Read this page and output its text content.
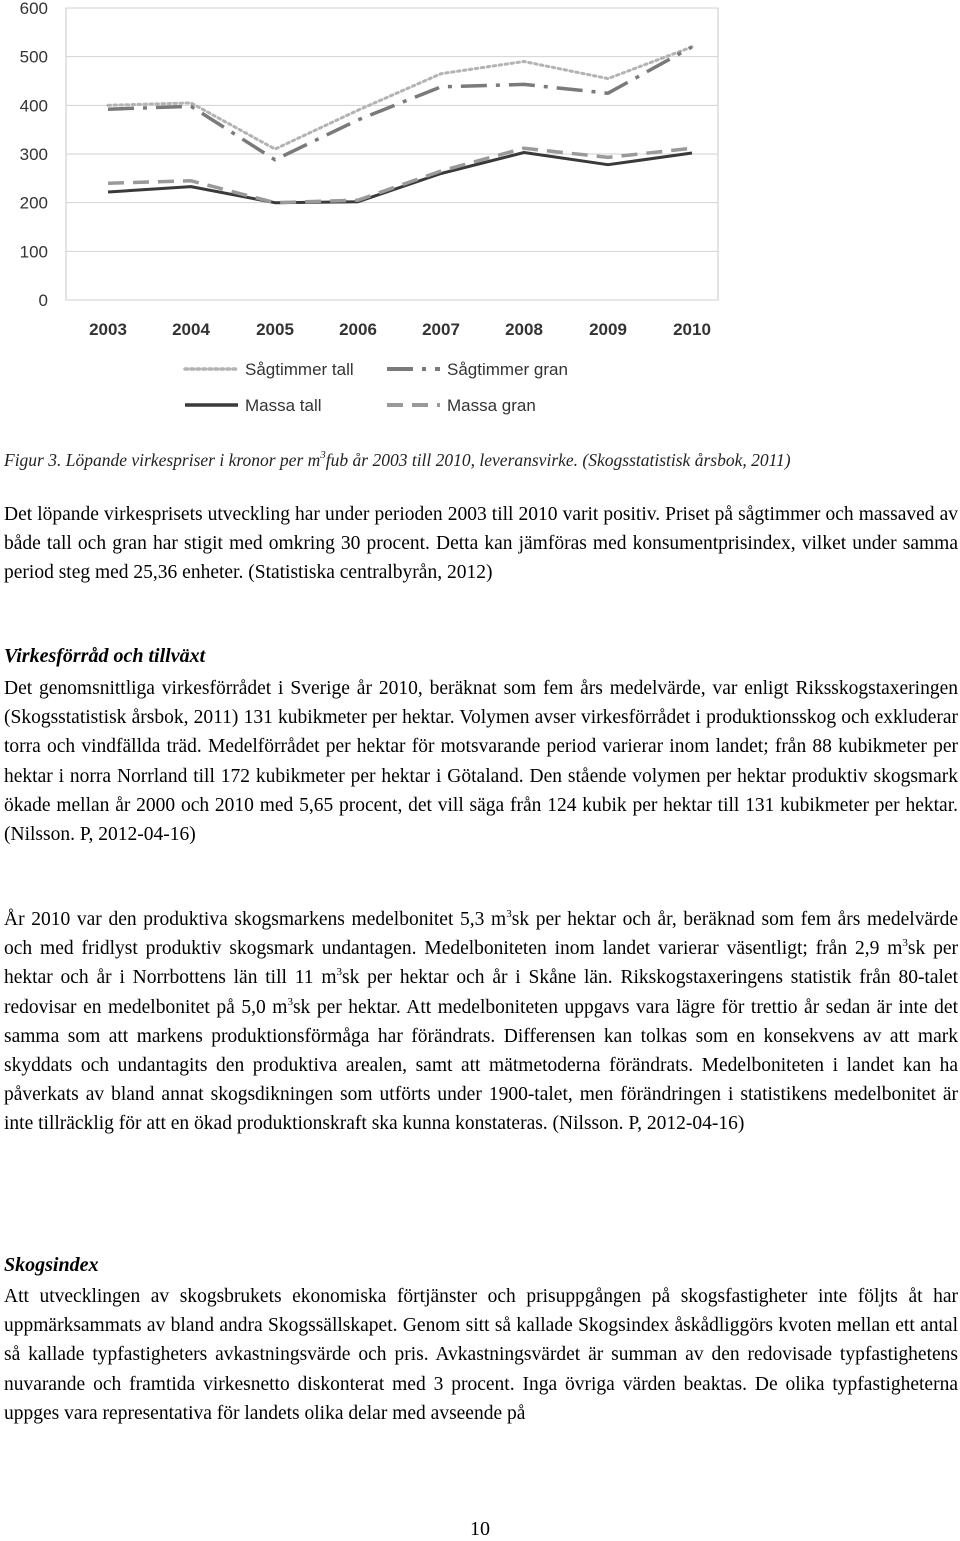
0
100
200
300
400
500
600
2003	2004	2005	2006	2007	2008	2009	2010
Sågtimmer tall	Sågtimmer gran
Massa tall	Massa gran
Figur 3. Löpande virkespriser i kronor per $m^3fub$ år 2003 till 2010, leveransvirke. (Skogsstatistisk årsbok, 2011)

Det löpande virkesprisets utveckling har under perioden 2003 till 2010 varit positiv. Priset på sågtimmer och massaved av både tall och gran har stigit med omkring 30 procent. Detta kan jämföras med konsumentprisindex, vilket under samma period steg med 25,36 enheter. (Statistiska centralbyrån, 2012)

Virkesförråd och tillväxt

Det genomsnittliga virkesförrådet i Sverige år 2010, beräknat som fem års medelvärde, var enligt Riksskogstaxeringen (Skogsstatistisk årsbok, 2011) 131 kubikmeter per hektar. Volymen avser virkesförrådet i produktionsskog och exkluderar torra och vindfällda träd. Medelförrådet per hektar för motsvarande period varierar inom landet; från 88 kubikmeter per hektar i norra Norrland till 172 kubikmeter per hektar i Götaland. Den stående volymen per hektar produktiv skogsmark ökade mellan år 2000 och 2010 med 5,65 procent, det vill säga från 124 kubik per hektar till 131 kubikmeter per hektar. (Nilsson. P, 2012-04-16)

År 2010 var den produktiva skogsmarkens medelbonitet 5,3 $m^3sk$ per hektar och år, beräknad som fem års medelvärde och med fridlyst produktiv skogsmark undantagen. Medelboniteten inom landet varierar väsentligt; från 2,9 $m^3sk$ per hektar och år i Norrbottens län till 11 $m^3sk$ per hektar och år i Skåne län. Rikskogstaxeringens statistik från 80-talet redovisar en medelbonitet på 5,0 $m^3sk$ per hektar. Att medelboniteten uppgavs vara lägre för trettio år sedan är inte det samma som att markens produktionsförmåga har förändrats. Differensen kan tolkas som en konsekvens av att mark skyddats och undantagits den produktiva arealen, samt att mätmetoderna förändrats. Medelboniteten i landet kan ha påverkats av bland annat skogsdikningen som utförts under 1900-talet, men förändringen i statistikens medelbonitet är inte tillräcklig för att en ökad produktionskraft ska kunna konstateras. (Nilsson. P, 2012-04-16)

Skogsindex

Att utvecklingen av skogsbrukets ekonomiska förtjänster och prisuppgången på skogsfastigheter inte följts åt har uppmärksammats av bland andra Skogssällskapet. Genom sitt så kallade Skogsindex åskådliggörs kvoten mellan ett antal så kallade typfastigheters avkastningsvärde och pris. Avkastningsvärdet är summan av den redovisade typfastighetens nuvarande och framtida virkesnetto diskonterat med 3 procent. Inga övriga värden beaktas. De olika typfastigheterna uppges vara representativa för landets olika delar med avseende på

10
